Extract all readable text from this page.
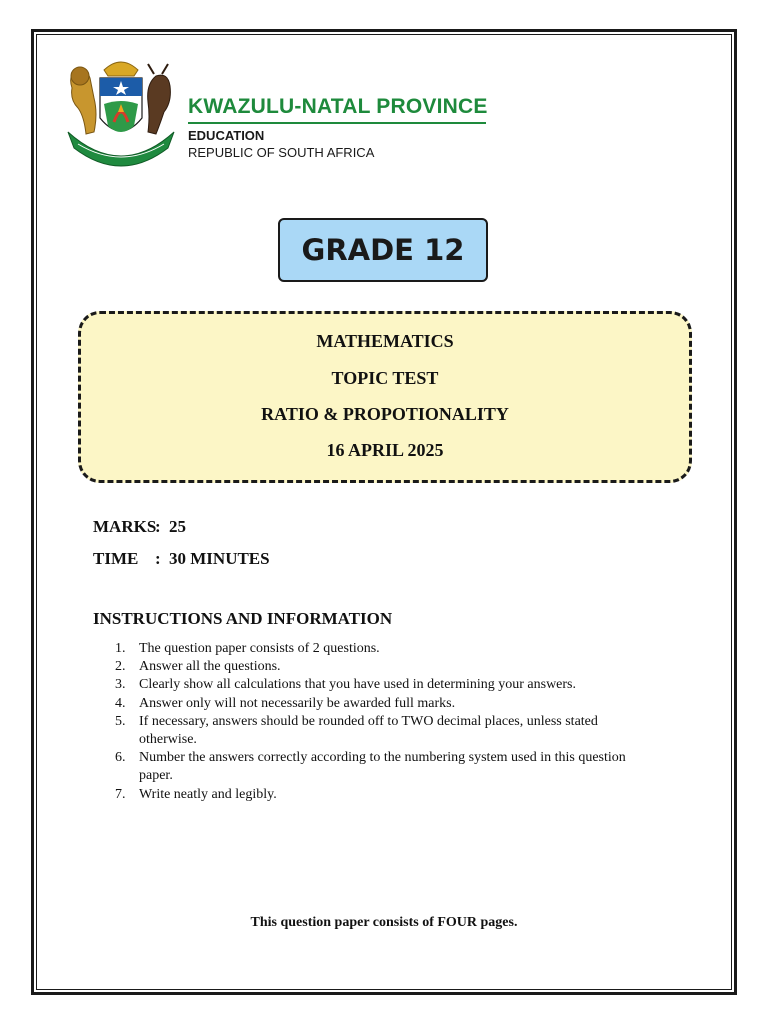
KWAZULU-NATAL PROVINCE
EDUCATION
REPUBLIC OF SOUTH AFRICA
GRADE 12
MATHEMATICS
TOPIC TEST
RATIO & PROPOTIONALITY
16 APRIL 2025
MARKS: 25
TIME : 30 MINUTES
INSTRUCTIONS AND INFORMATION
1. The question paper consists of 2 questions.
2. Answer all the questions.
3. Clearly show all calculations that you have used in determining your answers.
4. Answer only will not necessarily be awarded full marks.
5. If necessary, answers should be rounded off to TWO decimal places, unless stated otherwise.
6. Number the answers correctly according to the numbering system used in this question paper.
7. Write neatly and legibly.
This question paper consists of FOUR pages.
